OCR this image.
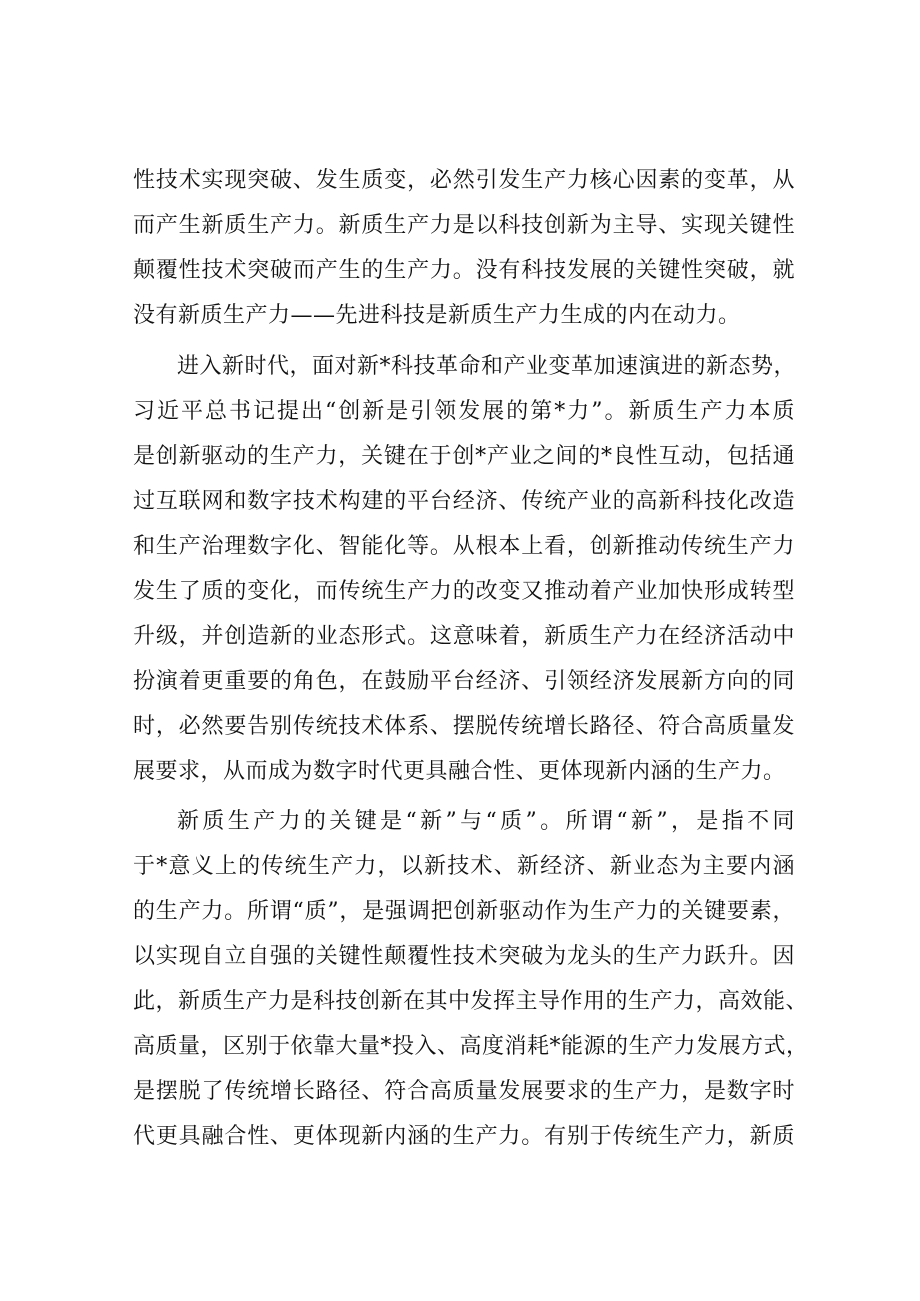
性技术实现突破、发生质变，必然引发生产力核心因素的变革，从
而产生新质生产力。新质生产力是以科技创新为主导、实现关键性
颠覆性技术突破而产生的生产力。没有科技发展的关键性突破，就
没有新质生产力——先进科技是新质生产力生成的内在动力。
进入新时代，面对新*科技革命和产业变革加速演进的新态势，
习近平总书记提出“创新是引领发展的第*力”。新质生产力本质
是创新驱动的生产力，关键在于创*产业之间的*良性互动，包括通
过互联网和数字技术构建的平台经济、传统产业的高新科技化改造
和生产治理数字化、智能化等。从根本上看，创新推动传统生产力
发生了质的变化，而传统生产力的改变又推动着产业加快形成转型
升级，并创造新的业态形式。这意味着，新质生产力在经济活动中
扮演着更重要的角色，在鼓励平台经济、引领经济发展新方向的同
时，必然要告别传统技术体系、摆脱传统增长路径、符合高质量发
展要求，从而成为数字时代更具融合性、更体现新内涵的生产力。
新质生产力的关键是“新”与“质”。所谓“新”，是指不同
于*意义上的传统生产力，以新技术、新经济、新业态为主要内涵
的生产力。所谓“质”，是强调把创新驱动作为生产力的关键要素，
以实现自立自强的关键性颠覆性技术突破为龙头的生产力跃升。因
此，新质生产力是科技创新在其中发挥主导作用的生产力，高效能、
高质量，区别于依靠大量*投入、高度消耗*能源的生产力发展方式，
是摆脱了传统增长路径、符合高质量发展要求的生产力，是数字时
代更具融合性、更体现新内涵的生产力。有别于传统生产力，新质
